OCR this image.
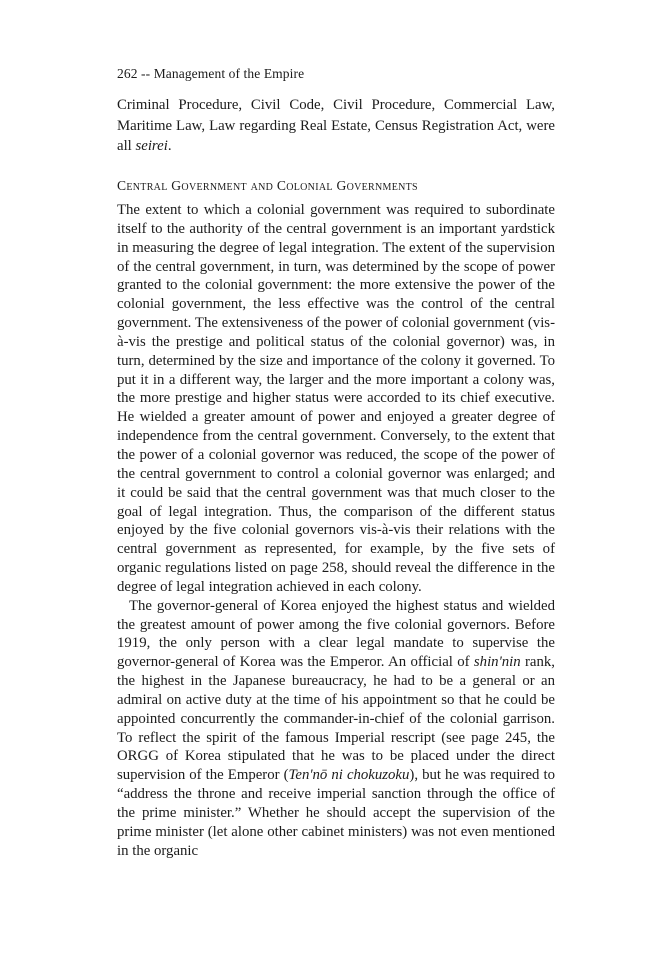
262 -- Management of the Empire
Criminal Procedure, Civil Code, Civil Procedure, Commercial Law, Maritime Law, Law regarding Real Estate, Census Registration Act, were all seirei.
Central Government and Colonial Governments

The extent to which a colonial government was required to subordinate itself to the authority of the central government is an important yardstick in measuring the degree of legal integration. The extent of the supervision of the central government, in turn, was determined by the scope of power granted to the colonial government: the more extensive the power of the colonial government, the less effective was the control of the central government. The extensiveness of the power of colonial government (vis-à-vis the prestige and political status of the colonial governor) was, in turn, determined by the size and importance of the colony it governed. To put it in a different way, the larger and the more important a colony was, the more prestige and higher status were accorded to its chief executive. He wielded a greater amount of power and enjoyed a greater degree of independence from the central government. Conversely, to the extent that the power of a colonial governor was reduced, the scope of the power of the central government to control a colonial governor was enlarged; and it could be said that the central government was that much closer to the goal of legal integration. Thus, the comparison of the different status enjoyed by the five colonial governors vis-à-vis their relations with the central government as represented, for example, by the five sets of organic regulations listed on page 258, should reveal the difference in the degree of legal integration achieved in each colony.

The governor-general of Korea enjoyed the highest status and wielded the greatest amount of power among the five colonial governors. Before 1919, the only person with a clear legal mandate to supervise the governor-general of Korea was the Emperor. An official of shin'nin rank, the highest in the Japanese bureaucracy, he had to be a general or an admiral on active duty at the time of his appointment so that he could be appointed concurrently the commander-in-chief of the colonial garrison. To reflect the spirit of the famous Imperial rescript (see page 245, the ORGG of Korea stipulated that he was to be placed under the direct supervision of the Emperor (Ten'nō ni chokuzoku), but he was required to “address the throne and receive imperial sanction through the office of the prime minister.” Whether he should accept the supervision of the prime minister (let alone other cabinet ministers) was not even mentioned in the organic
